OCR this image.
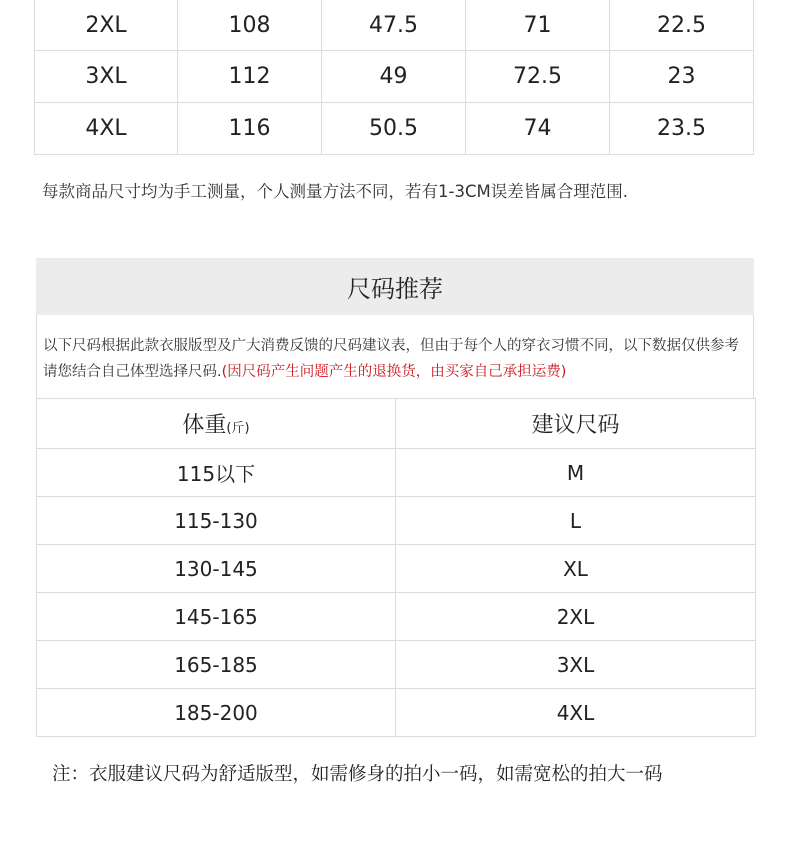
2XL	108	47.5	71	22.5
3XL	112	49	72.5	23
4XL	116	50.5	74	23.5
每款商品尺寸均为手工测量，个人测量方法不同，若有1-3CM误差皆属合理范围.
尺码推荐
以下尺码根据此款衣服版型及广大消费反馈的尺码建议表，但由于每个人的穿衣习惯不同，以下数据仅供参考请您结合自己体型选择尺码.(因尺码产生问题产生的退换货，由买家自己承担运费)
体重(斤)	建议尺码
115以下	M
115-130	L
130-145	XL
145-165	2XL
165-185	3XL
185-200	4XL
注：衣服建议尺码为舒适版型，如需修身的拍小一码，如需宽松的拍大一码
